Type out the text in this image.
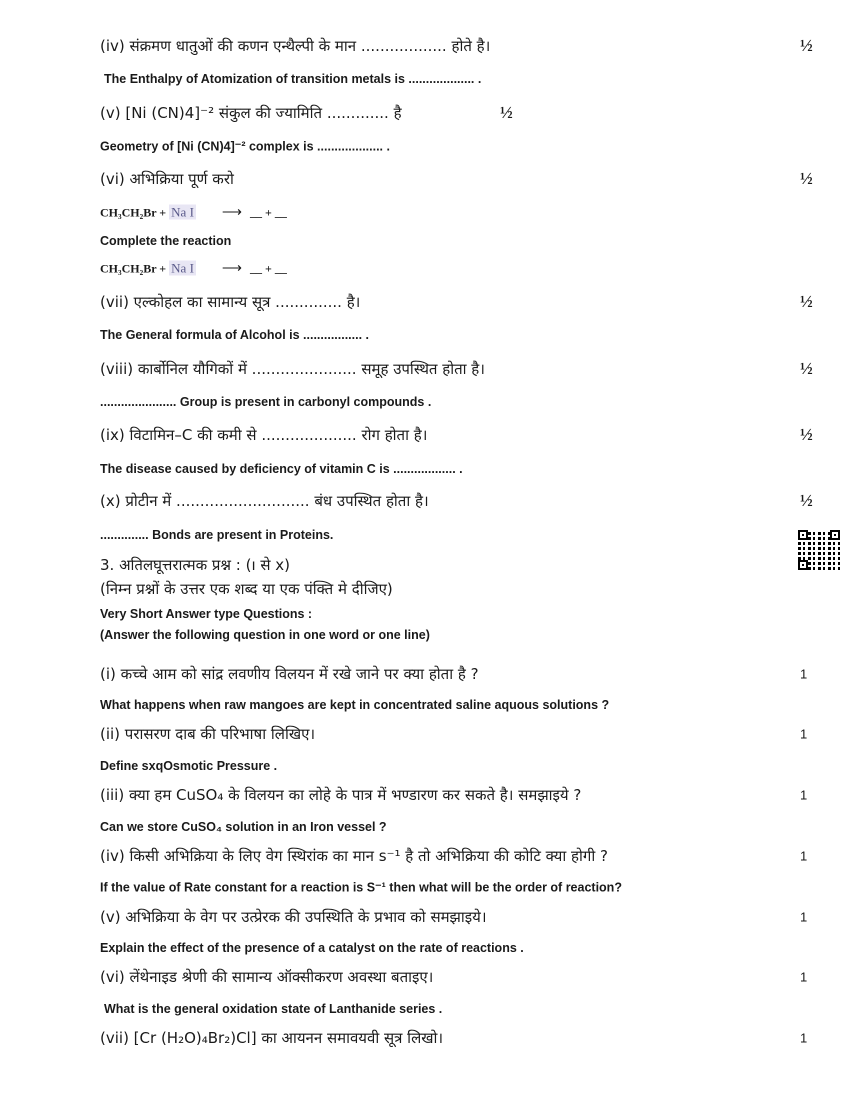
(iv) संक्रमण धातुओं की कणन एन्थैल्पी के मान .................. होते है।	½
The Enthalpy of Atomization of transition metals is ................... .
(v) [Ni (CN)4]⁻² संकुल की ज्यामिति ............. है	½
Geometry of [Ni (CN)4]⁻² complex is ................... .
(vi) अभिक्रिया पूर्ण करो	½
CH₃CH₂Br + Na I ⟶ __ + __
Complete the reaction
CH₃CH₂Br + Na I ⟶ __ + __
(vii) एल्कोहल का सामान्य सूत्र .............. है।	½
The General formula of Alcohol is ................. .
(viii) कार्बोनिल यौगिकों में ...................... समूह उपस्थित होता है।	½
...................... Group is present in carbonyl compounds .
(ix) विटामिन–C की कमी से .................... रोग होता है।	½
The disease caused by deficiency of vitamin C is .................. .
(x) प्रोटीन में ............................ बंध उपस्थित होता है।	½
.............. Bonds are present in Proteins.
3. अतिलघूत्तरात्मक प्रश्न : (ı से x)
(निम्न प्रश्नों के उत्तर एक शब्द या एक पंक्ति मे दीजिए)
Very Short Answer type Questions :
(Answer the following question in one word or one line)
(i) कच्चे आम को सांद्र लवणीय विलयन में रखे जाने पर क्या होता है ?	1
What happens when raw mangoes are kept in concentrated saline aquous solutions ?
(ii) परासरण दाब की परिभाषा लिखिए।	1
Define sxqOsmotic Pressure .
(iii) क्या हम CuSO₄ के विलयन का लोहे के पात्र में भण्डारण कर सकते है। समझाइये ?	1
Can we store CuSO₄ solution in an Iron vessel ?
(iv) किसी अभिक्रिया के लिए वेग स्थिरांक का मान s⁻¹ है तो अभिक्रिया की कोटि क्या होगी ?	1
If the value of Rate constant for a reaction is S⁻¹ then what will be the order of reaction?
(v) अभिक्रिया के वेग पर उत्प्रेरक की उपस्थिति के प्रभाव को समझाइये।	1
Explain the effect of the presence of a catalyst on the rate of reactions .
(vi) लेंथेनाइड श्रेणी की सामान्य ऑक्सीकरण अवस्था बताइए।	1
What is the general oxidation state of Lanthanide series .
(vii) [Cr (H₂O)₄Br₂)Cl] का आयनन समावयवी सूत्र लिखो।	1
